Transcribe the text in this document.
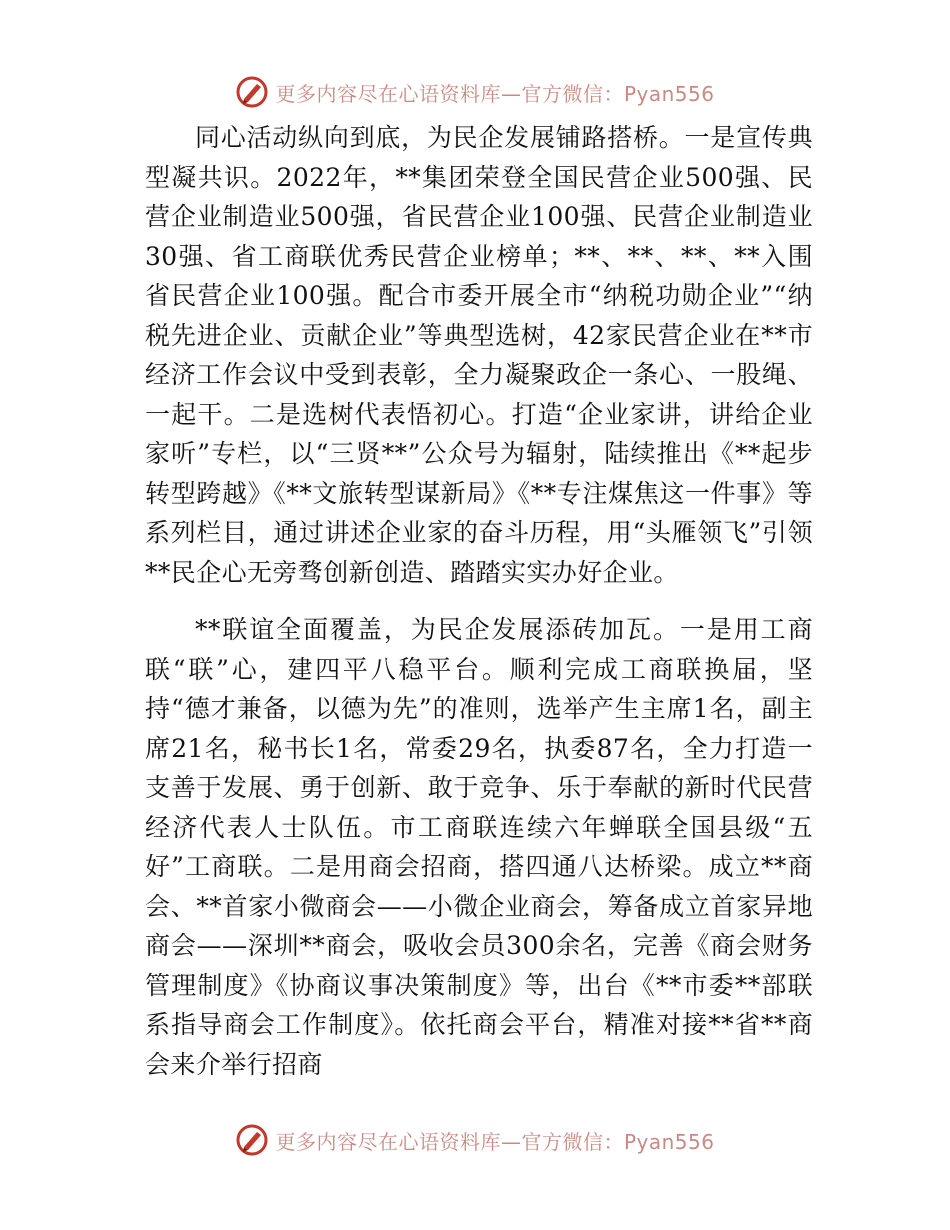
更多内容尽在心语资料库—官方微信：Pyan556

同心活动纵向到底，为民企发展铺路搭桥。一是宣传典型凝共识。2022年，**集团荣登全国民营企业500强、民营企业制造业500强，省民营企业100强、民营企业制造业30强、省工商联优秀民营企业榜单；**、**、**、**入围省民营企业100强。配合市委开展全市“纳税功勋企业”“纳税先进企业、贡献企业”等典型选树，42家民营企业在**市经济工作会议中受到表彰，全力凝聚政企一条心、一股绳、一起干。二是选树代表悟初心。打造“企业家讲，讲给企业家听”专栏，以“三贤**”公众号为辐射，陆续推出《**起步转型跨越》《**文旅转型谋新局》《**专注煤焦这一件事》等系列栏目，通过讲述企业家的奋斗历程，用“头雁领飞”引领**民企心无旁骛创新创造、踏踏实实办好企业。

**联谊全面覆盖，为民企发展添砖加瓦。一是用工商联“联”心，建四平八稳平台。顺利完成工商联换届，坚持“德才兼备，以德为先”的准则，选举产生主席1名，副主席21名，秘书长1名，常委29名，执委87名，全力打造一支善于发展、勇于创新、敢于竞争、乐于奉献的新时代民营经济代表人士队伍。市工商联连续六年蝉联全国县级“五好”工商联。二是用商会招商，搭四通八达桥梁。成立**商会、**首家小微商会——小微企业商会，筹备成立首家异地商会——深圳**商会，吸收会员300余名，完善《商会财务管理制度》《协商议事决策制度》等，出台《**市委**部联系指导商会工作制度》。依托商会平台，精准对接**省**商会来介举行招商

更多内容尽在心语资料库—官方微信：Pyan556
